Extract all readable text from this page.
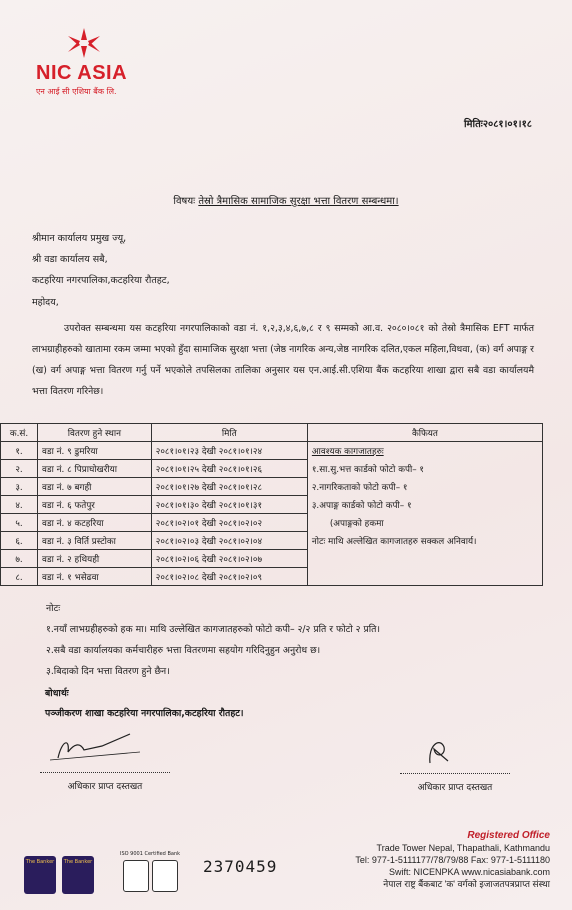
NIC ASIA
एन आई सी एशिया बैंक लि.
मितिः२०८१।०१।१८
विषयः तेस्रो त्रैमासिक सामाजिक सुरक्षा भत्ता वितरण सम्बन्धमा।
श्रीमान कार्यालय प्रमुख ज्यू,
श्री वडा कार्यालय सबै,
कटहरिया नगरपालिका,कटहरिया रौतहट,
महोदय,
उपरोक्त सम्बन्धमा यस कटहरिया नगरपालिकाको वडा नं. १,२,३,४,६,७,८ र ९ सम्मको आ.व. २०८०।०८१ को तेस्रो त्रैमासिक EFT मार्फत लाभग्राहीहरुको खातामा रकम जम्मा भएको हुँदा सामाजिक सुरक्षा भत्ता (जेष्ठ नागरिक अन्य,जेष्ठ नागरिक दलित,एकल महिला,विधवा, (क) वर्ग अपाङ्ग र (ख) वर्ग अपाङ्ग भत्ता वितरण गर्नु पर्ने भएकोले तपसिलका तालिका अनुसार यस एन.आई.सी.एशिया बैंक कटहरिया शाखा द्वारा सबै वडा कार्यालयमै भत्ता वितरण गरिनेछ।
क.सं.	वितरण हुने स्थान	मिति	कैफियत
१.	वडा नं. ९ डुमरिया	२०८१।०१।२३ देखी २०८१।०१।२४	आवश्यक कागजातहरुः
२.	वडा नं. ८ पिप्राघोखरीया	२०८१।०१।२५ देखी २०८१।०१।२६	१.सा.सु.भत्त कार्डको फोटो कपी– १
३.	वडा नं. ७ बगही	२०८१।०१।२७ देखी २०८१।०१।२८	२.नागरिकताको फोटो कपी– १
४.	वडा नं. ६ फतेपुर	२०८१।०१।३० देखी २०८१।०१।३१	३.अपाङ्ग कार्डको फोटो कपी– १
५.	वडा नं. ४ कटहरिया	२०८१।०२।०१ देखी २०८१।०२।०२	(अपाङ्गको हकमा
६.	वडा नं. ३ विर्ति प्रस्टोका	२०८१।०२।०३ देखी २०८१।०२।०४	नोटः माथि अल्लेखित कागजातहरु सक्कल अनिवार्य।
७.	वडा नं. २ हथियही	२०८१।०२।०६ देखी २०८१।०२।०७	
८.	वडा नं. १ भसेढवा	२०८१।०२।०८ देखी २०८१।०२।०९	
नोटः
१.नयाँ लाभग्रहीहरुको हक मा। माथि उल्लेखित कागजातहरुको फोटो कपी– २/२ प्रति र फोटो २ प्रति।
२.सबै वडा कार्यालयका कर्मचारीहरु भत्ता वितरणमा सहयोग गरिदिनुहुन अनुरोध छ।
३.बिदाको दिन भत्ता वितरण हुने छैन।
बोधार्थः
पञ्जीकरण शाखा कटहरिया नगरपालिका,कटहरिया रौतहट।
अधिकार प्राप्त दस्तखत	अधिकार प्राप्त दस्तखत
The Banker	The Banker
ISO 9001 Certified Bank
2370459
Registered Office
Trade Tower Nepal, Thapathali, Kathmandu
Tel: 977-1-5111177/78/79/88 Fax: 977-1-5111180
Swift: NICENPKA www.nicasiabank.com
नेपाल राष्ट्र बैंकबाट 'क' वर्गको इजाजतपत्रप्राप्त संस्था
